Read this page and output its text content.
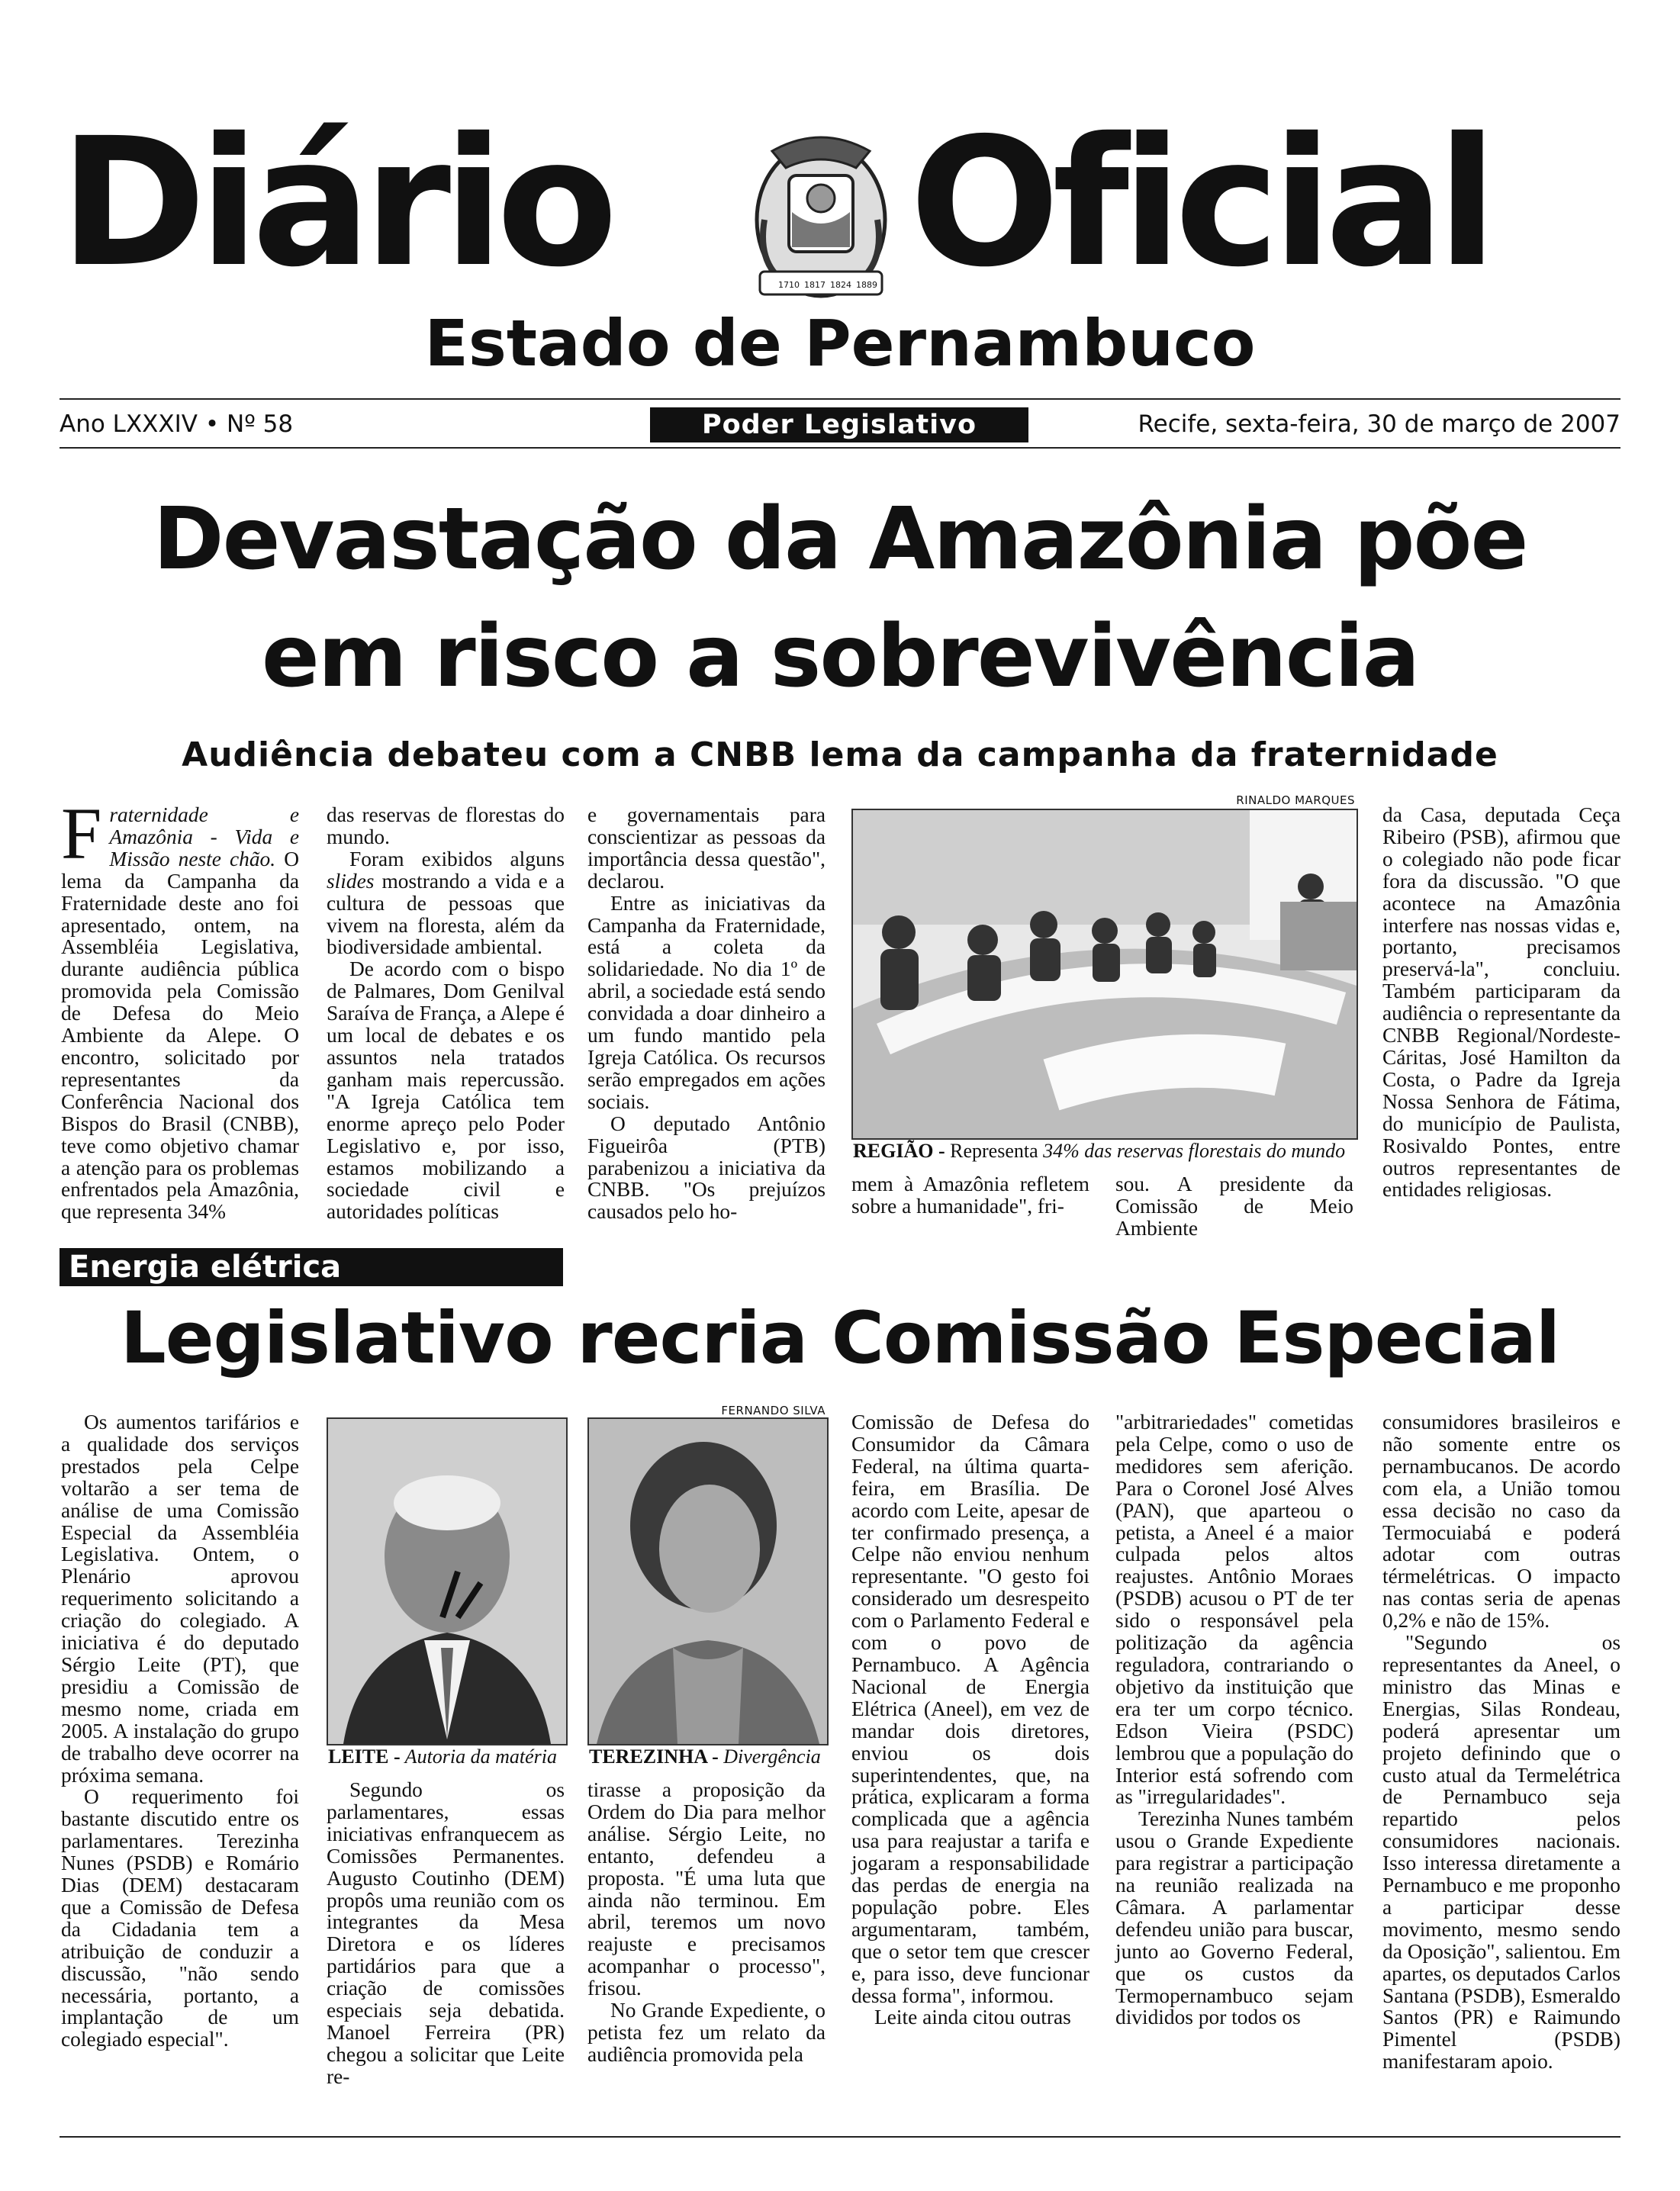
Diário	1710 1817 1824 1889 Oficial
Estado de Pernambuco
Ano LXXXIV • Nº 58	Poder Legislativo	Recife, sexta-feira, 30 de março de 2007
Devastação da Amazônia põe
em risco a sobrevivência
Audiência debateu com a CNBB lema da campanha da fraternidade
F raternidade e Amazônia - Vida e Missão neste chão. O lema da Campanha da Fraternidade deste ano foi apresentado, ontem, na Assembléia Legislativa, durante audiência pública promovida pela Comissão de Defesa do Meio Ambiente da Alepe. O encontro, solicitado por representantes da Conferência Nacional dos Bispos do Brasil (CNBB), teve como objetivo chamar a atenção para os problemas enfrentados pela Amazônia, que representa 34%

das reservas de florestas do mundo.

Foram exibidos alguns slides mostrando a vida e a cultura de pessoas que vivem na floresta, além da biodiversidade ambiental.

De acordo com o bispo de Palmares, Dom Genilval Saraíva de França, a Alepe é um local de debates e os assuntos nela tratados ganham mais repercussão. "A Igreja Católica tem enorme apreço pelo Poder Legislativo e, por isso, estamos mobilizando a sociedade civil e autoridades políticas

e governamentais para conscientizar as pessoas da importância dessa questão", declarou.

Entre as iniciativas da Campanha da Fraternidade, está a coleta da solidariedade. No dia 1º de abril, a sociedade está sendo convidada a doar dinheiro a um fundo mantido pela Igreja Católica. Os recursos serão empregados em ações sociais.

O deputado Antônio Figueirôa (PTB) parabenizou a iniciativa da CNBB. "Os prejuízos causados pelo ho-

RINALDO MARQUES
REGIÃO - Representa 34% das reservas florestais do mundo

mem à Amazônia refletem sobre a humanidade", fri-

sou. A presidente da Comissão de Meio Ambiente

da Casa, deputada Ceça Ribeiro (PSB), afirmou que o colegiado não pode ficar fora da discussão. "O que acontece na Amazônia interfere nas nossas vidas e, portanto, precisamos preservá-la", concluiu. Também participaram da audiência o representante da CNBB Regional/Nordeste-Cáritas, José Hamilton da Costa, o Padre da Igreja Nossa Senhora de Fátima, do município de Paulista, Rosivaldo Pontes, entre outros representantes de entidades religiosas.

Energia elétrica
Legislativo recria Comissão Especial

Os aumentos tarifários e a qualidade dos serviços prestados pela Celpe voltarão a ser tema de análise de uma Comissão Especial da Assembléia Legislativa. Ontem, o Plenário aprovou requerimento solicitando a criação do colegiado. A iniciativa é do deputado Sérgio Leite (PT), que presidiu a Comissão de mesmo nome, criada em 2005. A instalação do grupo de trabalho deve ocorrer na próxima semana.

O requerimento foi bastante discutido entre os parlamentares. Terezinha Nunes (PSDB) e Romário Dias (DEM) destacaram que a Comissão de Defesa da Cidadania tem a atribuição de conduzir a discussão, "não sendo necessária, portanto, a implantação de um colegiado especial".

LEITE - Autoria da matéria
FERNANDO SILVA
TEREZINHA - Divergência

Segundo os parlamentares, essas iniciativas enfranquecem as Comissões Permanentes. Augusto Coutinho (DEM) propôs uma reunião com os integrantes da Mesa Diretora e os líderes partidários para que a criação de comissões especiais seja debatida. Manoel Ferreira (PR) chegou a solicitar que Leite re-

tirasse a proposição da Ordem do Dia para melhor análise. Sérgio Leite, no entanto, defendeu a proposta. "É uma luta que ainda não terminou. Em abril, teremos um novo reajuste e precisamos acompanhar o processo", frisou.

No Grande Expediente, o petista fez um relato da audiência promovida pela

Comissão de Defesa do Consumidor da Câmara Federal, na última quarta-feira, em Brasília. De acordo com Leite, apesar de ter confirmado presença, a Celpe não enviou nenhum representante. "O gesto foi considerado um desrespeito com o Parlamento Federal e com o povo de Pernambuco. A Agência Nacional de Energia Elétrica (Aneel), em vez de mandar dois diretores, enviou os dois superintendentes, que, na prática, explicaram a forma complicada que a agência usa para reajustar a tarifa e jogaram a responsabilidade das perdas de energia na população pobre. Eles argumentaram, também, que o setor tem que crescer e, para isso, deve funcionar dessa forma", informou.

Leite ainda citou outras

"arbitrariedades" cometidas pela Celpe, como o uso de medidores sem aferição. Para o Coronel José Alves (PAN), que aparteou o petista, a Aneel é a maior culpada pelos altos reajustes. Antônio Moraes (PSDB) acusou o PT de ter sido o responsável pela politização da agência reguladora, contrariando o objetivo da instituição que era ter um corpo técnico. Edson Vieira (PSDC) lembrou que a população do Interior está sofrendo com as "irregularidades".

Terezinha Nunes também usou o Grande Expediente para registrar a participação na reunião realizada na Câmara. A parlamentar defendeu união para buscar, junto ao Governo Federal, que os custos da Termopernambuco sejam divididos por todos os

consumidores brasileiros e não somente entre os pernambucanos. De acordo com ela, a União tomou essa decisão no caso da Termocuiabá e poderá adotar com outras térmelétricas. O impacto nas contas seria de apenas 0,2% e não de 15%.

"Segundo os representantes da Aneel, o ministro das Minas e Energias, Silas Rondeau, poderá apresentar um projeto definindo que o custo atual da Termelétrica de Pernambuco seja repartido pelos consumidores nacionais. Isso interessa diretamente a Pernambuco e me proponho a participar desse movimento, mesmo sendo da Oposição", salientou. Em apartes, os deputados Carlos Santana (PSDB), Esmeraldo Santos (PR) e Raimundo Pimentel (PSDB) manifestaram apoio.
